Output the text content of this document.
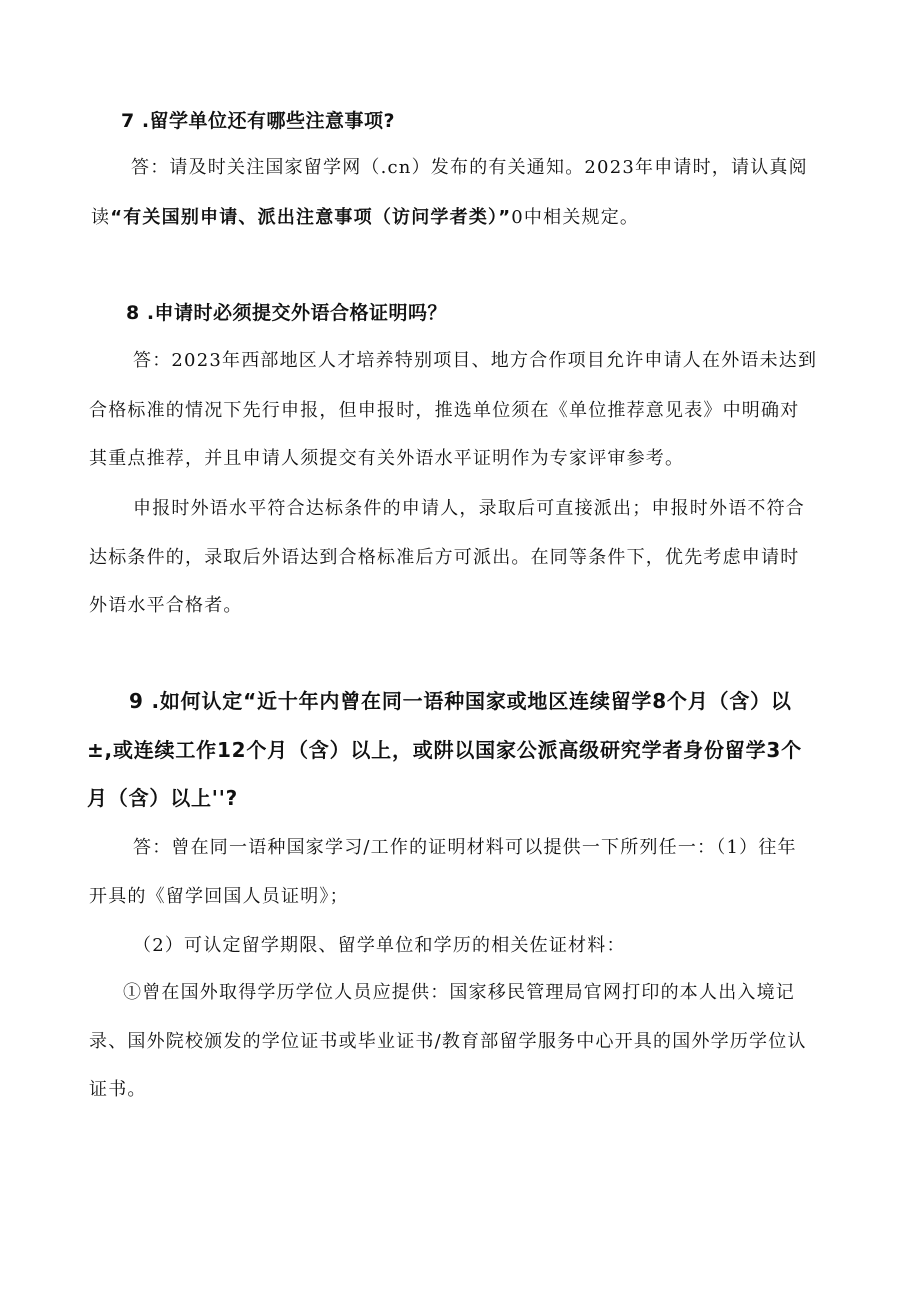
7 .留学单位还有哪些注意事项?
答：请及时关注国家留学网（.cn）发布的有关通知。2023年申请时，请认真阅
读“有关国别申请、派出注意事项（访问学者类）”0中相关规定。
8 .申请时必须提交外语合格证明吗？
答：2023年西部地区人才培养特别项目、地方合作项目允许申请人在外语未达到
合格标准的情况下先行申报，但申报时，推选单位须在《单位推荐意见表》中明确对
其重点推荐，并且申请人须提交有关外语水平证明作为专家评审参考。
申报时外语水平符合达标条件的申请人，录取后可直接派出；申报时外语不符合
达标条件的，录取后外语达到合格标准后方可派出。在同等条件下，优先考虑申请时
外语水平合格者。
9 .如何认定“近十年内曾在同一语种国家或地区连续留学8个月（含）以
±,或连续工作12个月（含）以上，或阱以国家公派高级研究学者身份留学3个
月（含）以上''?
答：曾在同一语种国家学习/工作的证明材料可以提供一下所列任一：（1）往年
开具的《留学回国人员证明》；
（2）可认定留学期限、留学单位和学历的相关佐证材料：
①曾在国外取得学历学位人员应提供：国家移民管理局官网打印的本人出入境记
录、国外院校颁发的学位证书或毕业证书/教育部留学服务中心开具的国外学历学位认
证书。
